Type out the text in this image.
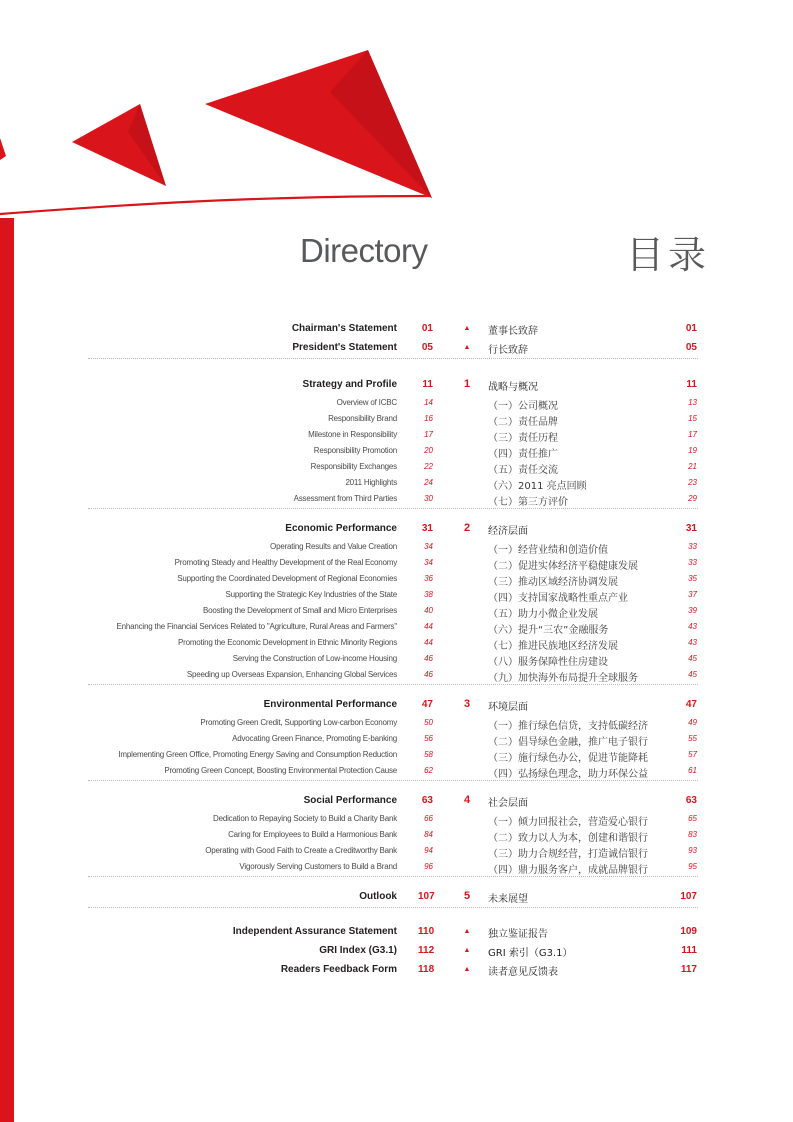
Directory	目录
Chairman's Statement	01	▲ 董事长致辞	01
President's Statement	05	▲ 行长致辞	05
Strategy and Profile	11	1 战略与概况	11
Overview of ICBC	14	（一）公司概况	13
Responsibility Brand	16	（二）责任品牌	15
Milestone in Responsibility	17	（三）责任历程	17
Responsibility Promotion	20	（四）责任推广	19
Responsibility Exchanges	22	（五）责任交流	21
2011 Highlights	24	（六）2011 亮点回顾	23
Assessment from Third Parties	30	（七）第三方评价	29
Economic Performance	31	2 经济层面	31
Operating Results and Value Creation	34	（一）经营业绩和创造价值	33
Promoting Steady and Healthy Development of the Real Economy	34	（二）促进实体经济平稳健康发展	33
Supporting the Coordinated Development of Regional Economies	36	（三）推动区域经济协调发展	35
Supporting the Strategic Key Industries of the State	38	（四）支持国家战略性重点产业	37
Boosting the Development of Small and Micro Enterprises	40	（五）助力小微企业发展	39
Enhancing the Financial Services Related to "Agriculture, Rural Areas and Farmers"	44	（六）提升“三农”金融服务	43
Promoting the Economic Development in Ethnic Minority Regions	44	（七）推进民族地区经济发展	43
Serving the Construction of Low-income Housing	46	（八）服务保障性住房建设	45
Speeding up Overseas Expansion, Enhancing Global Services	46	（九）加快海外布局提升全球服务	45
Environmental Performance	47	3 环境层面	47
Promoting Green Credit, Supporting Low-carbon Economy	50	（一）推行绿色信贷，支持低碳经济	49
Advocating Green Finance, Promoting E-banking	56	（二）倡导绿色金融，推广电子银行	55
Implementing Green Office, Promoting Energy Saving and Consumption Reduction	58	（三）施行绿色办公，促进节能降耗	57
Promoting Green Concept, Boosting Environmental Protection Cause	62	（四）弘扬绿色理念，助力环保公益	61
Social Performance	63	4 社会层面	63
Dedication to Repaying Society to Build a Charity Bank	66	（一）倾力回报社会，营造爱心银行	65
Caring for Employees to Build a Harmonious Bank	84	（二）致力以人为本，创建和谐银行	83
Operating with Good Faith to Create a Creditworthy Bank	94	（三）助力合规经营，打造诚信银行	93
Vigorously Serving Customers to Build a Brand	96	（四）鼎力服务客户，成就品牌银行	95
Outlook 107	5 未来展望	107
Independent Assurance Statement 110	▲ 独立鉴证报告	109
GRI Index (G3.1) 112	▲ GRI 索引（G3.1）	111
Readers Feedback Form 118	▲ 读者意见反馈表	117
